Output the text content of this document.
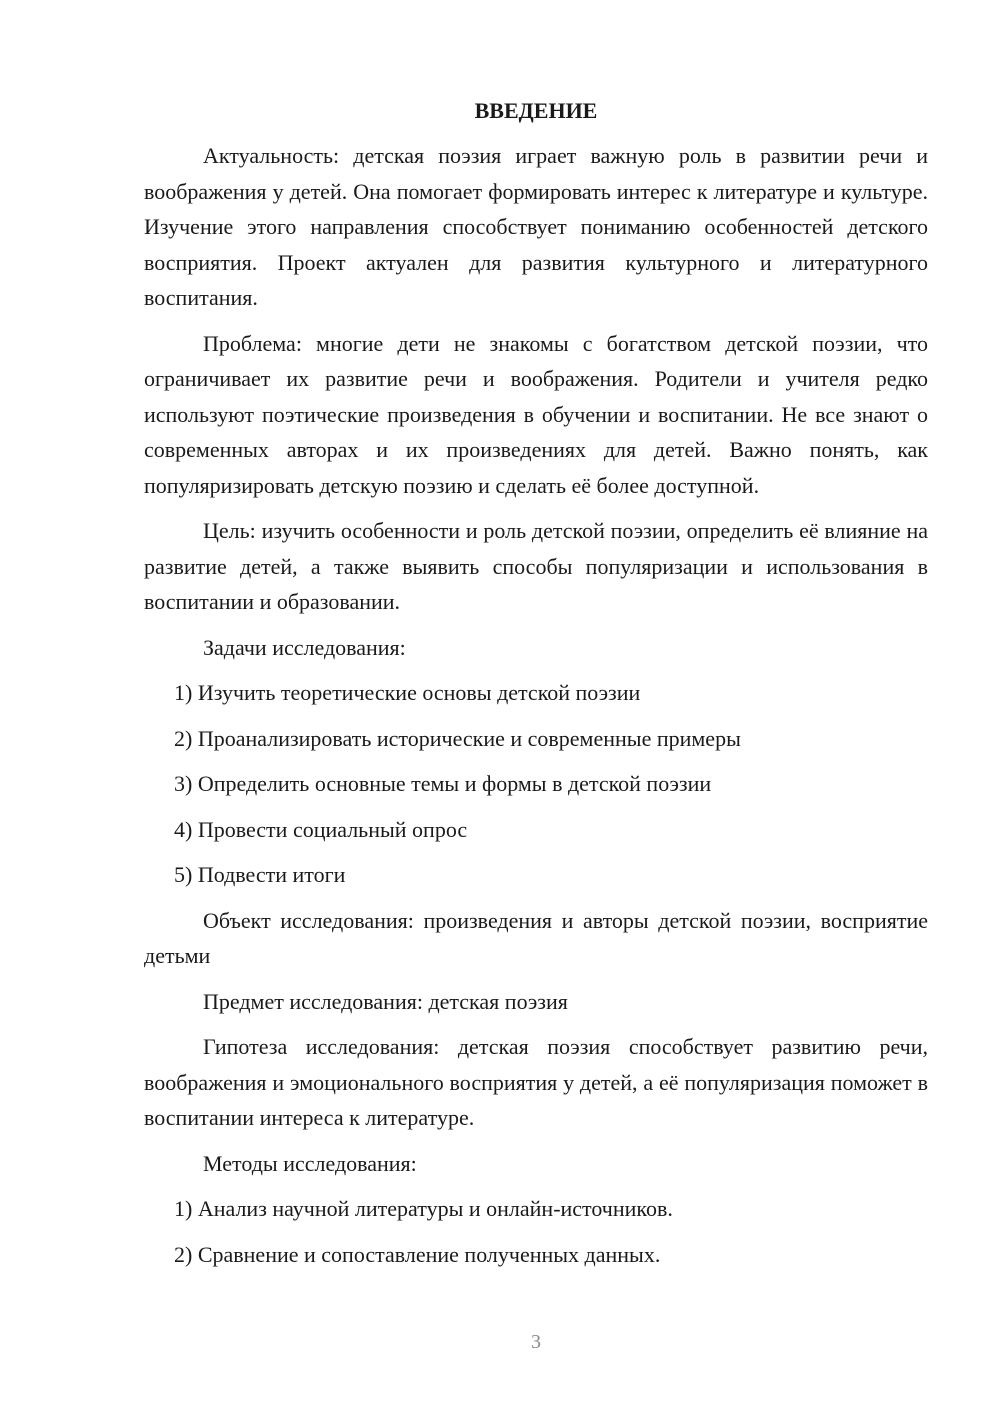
ВВЕДЕНИЕ

Актуальность: детская поэзия играет важную роль в развитии речи и воображения у детей. Она помогает формировать интерес к литературе и культуре. Изучение этого направления способствует пониманию особенностей детского восприятия. Проект актуален для развития культурного и литературного воспитания.

Проблема: многие дети не знакомы с богатством детской поэзии, что ограничивает их развитие речи и воображения. Родители и учителя редко используют поэтические произведения в обучении и воспитании. Не все знают о современных авторах и их произведениях для детей. Важно понять, как популяризировать детскую поэзию и сделать её более доступной.

Цель: изучить особенности и роль детской поэзии, определить её влияние на развитие детей, а также выявить способы популяризации и использования в воспитании и образовании.

Задачи исследования:

1) Изучить теоретические основы детской поэзии

2) Проанализировать исторические и современные примеры

3) Определить основные темы и формы в детской поэзии

4) Провести социальный опрос

5) Подвести итоги

Объект исследования: произведения и авторы детской поэзии, восприятие детьми

Предмет исследования: детская поэзия

Гипотеза исследования: детская поэзия способствует развитию речи, воображения и эмоционального восприятия у детей, а её популяризация поможет в воспитании интереса к литературе.

Методы исследования:

1) Анализ научной литературы и онлайн-источников.

2) Сравнение и сопоставление полученных данных.

3
